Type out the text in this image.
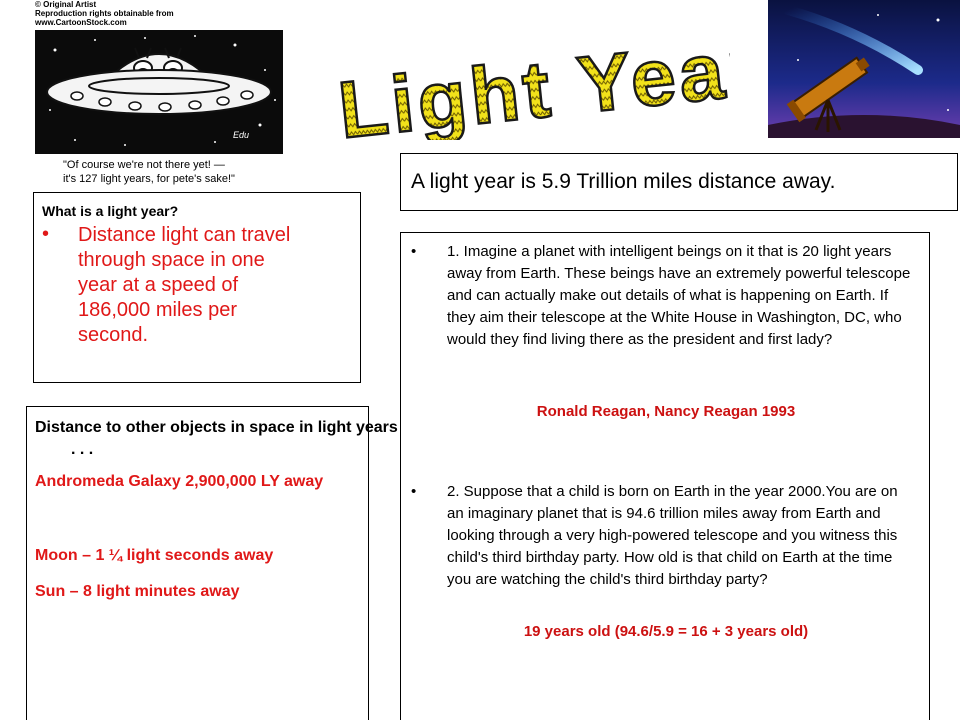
© Original Artist
Reproduction rights obtainable from
www.CartoonStock.com
Edu
"Of course we're not there yet! —
it's 127 light years, for pete's sake!"
Light Year
A light year is 5.9 Trillion miles distance away.
What is a light year?
• Distance light can travel
through space in one
year at a speed of
186,000 miles per
second.

Distance to other objects in space in light years . . .

Andromeda Galaxy 2,900,000 LY away

Moon – 1 ¼ light seconds away

Sun – 8 light minutes away

• 1. Imagine a planet with intelligent beings on it that is 20 light years away from Earth. These beings have an extremely powerful telescope and can actually make out details of what is happening on Earth. If they aim their telescope at the White House in Washington, DC, who would they find living there as the president and first lady?
Ronald Reagan, Nancy Reagan 1993
• 2. Suppose that a child is born on Earth in the year 2000.You are on an imaginary planet that is 94.6 trillion miles away from Earth and looking through a very high-powered telescope and you witness this child's third birthday party. How old is that child on Earth at the time you are watching the child's third birthday party?
19 years old (94.6/5.9 = 16 + 3 years old)
